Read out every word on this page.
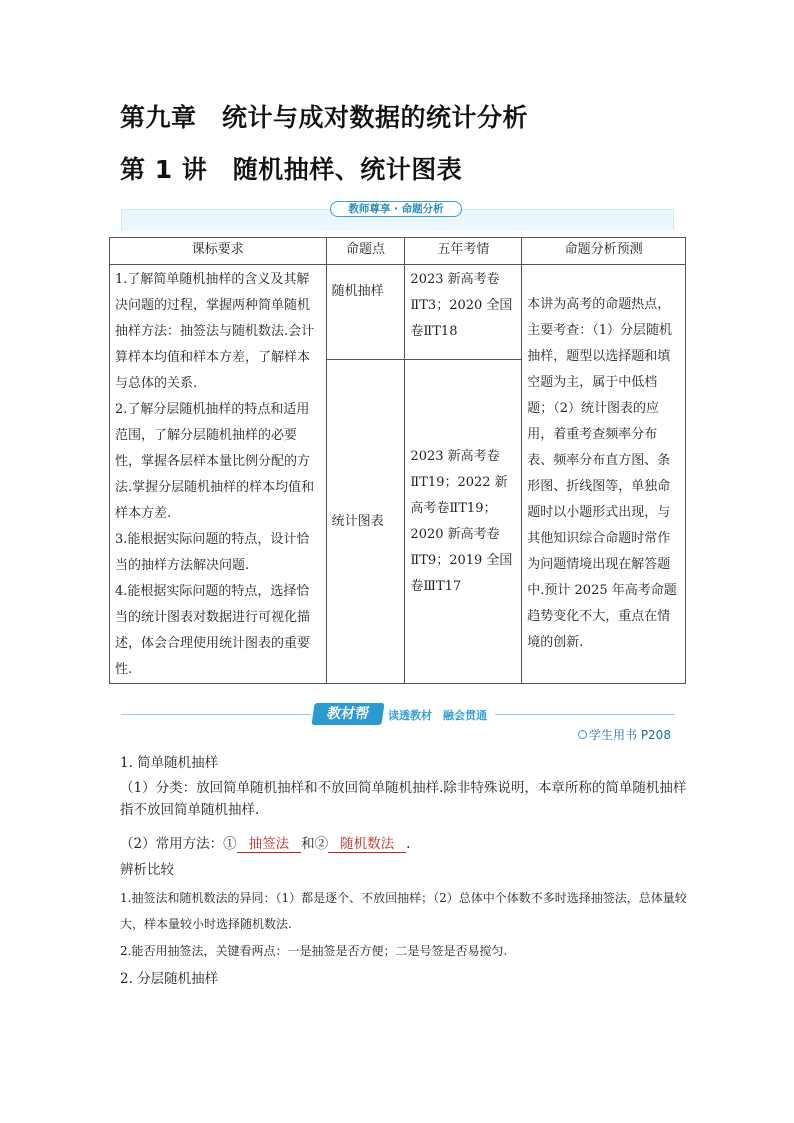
第九章　统计与成对数据的统计分析
第 1 讲　随机抽样、统计图表
教师尊享 · 命题分析
课标要求	命题点	五年考情	命题分析预测

1.了解简单随机抽样的含义及其解决问题的过程，掌握两种简单随机抽样方法：抽签法与随机数法.会计算样本均值和样本方差，了解样本与总体的关系.
2.了解分层随机抽样的特点和适用范围，了解分层随机抽样的必要性，掌握各层样本量比例分配的方法.掌握分层随机抽样的样本均值和样本方差.
3.能根据实际问题的特点，设计恰当的抽样方法解决问题.
4.能根据实际问题的特点，选择恰当的统计图表对数据进行可视化描述，体会合理使用统计图表的重要性.	随机抽样	2023 新高考卷ⅡT3；2020 全国卷ⅡT18	本讲为高考的命题热点，主要考查：（1）分层随机抽样，题型以选择题和填空题为主，属于中低档题；（2）统计图表的应用，着重考查频率分布表、频率分布直方图、条形图、折线图等，单独命题时以小题形式出现，与其他知识综合命题时常作为问题情境出现在解答题中.预计 2025 年高考命题趋势变化不大，重点在情境的创新.
	统计图表	2023 新高考卷ⅡT19；2022 新高考卷ⅡT19；2020 新高考卷ⅡT9；2019 全国卷ⅢT17	
教材帮	读透教材　融会贯通
学生用书 P208
1. 简单随机抽样
（1）分类：放回简单随机抽样和不放回简单随机抽样.除非特殊说明，本章所称的简单随机抽样指不放回简单随机抽样.
（2）常用方法：① 抽签法 和② 随机数法 .
辨析比较
1.抽签法和随机数法的异同：（1）都是逐个、不放回抽样；（2）总体中个体数不多时选择抽签法，总体量较大，样本量较小时选择随机数法.
2.能否用抽签法，关键看两点：一是抽签是否方便；二是号签是否易搅匀.
2. 分层随机抽样
